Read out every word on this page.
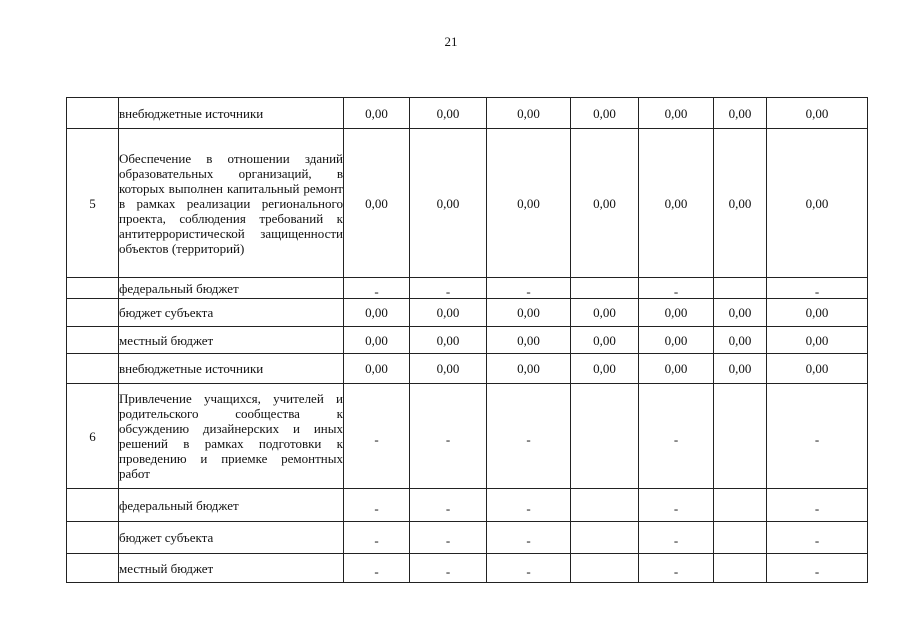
21
	внебюджетные источники	0,00	0,00	0,00	0,00	0,00	0,00	0,00
5	Обеспечение в отношении зданий образовательных организаций, в которых выполнен капитальный ремонт в рамках реализации регионального проекта, соблюдения требований к антитеррористической защищенности объектов (территорий)	0,00	0,00	0,00	0,00	0,00	0,00	0,00
	федеральный бюджет	-	-	-		-		-
	бюджет субъекта	0,00	0,00	0,00	0,00	0,00	0,00	0,00
	местный бюджет	0,00	0,00	0,00	0,00	0,00	0,00	0,00
	внебюджетные источники	0,00	0,00	0,00	0,00	0,00	0,00	0,00
6	Привлечение учащихся, учителей и родительского сообщества к обсуждению дизайнерских и иных решений в рамках подготовки к проведению и приемке ремонтных работ	-	-	-		-		-
	федеральный бюджет	-	-	-		-		-
	бюджет субъекта	-	-	-		-		-
	местный бюджет	-	-	-		-		-
